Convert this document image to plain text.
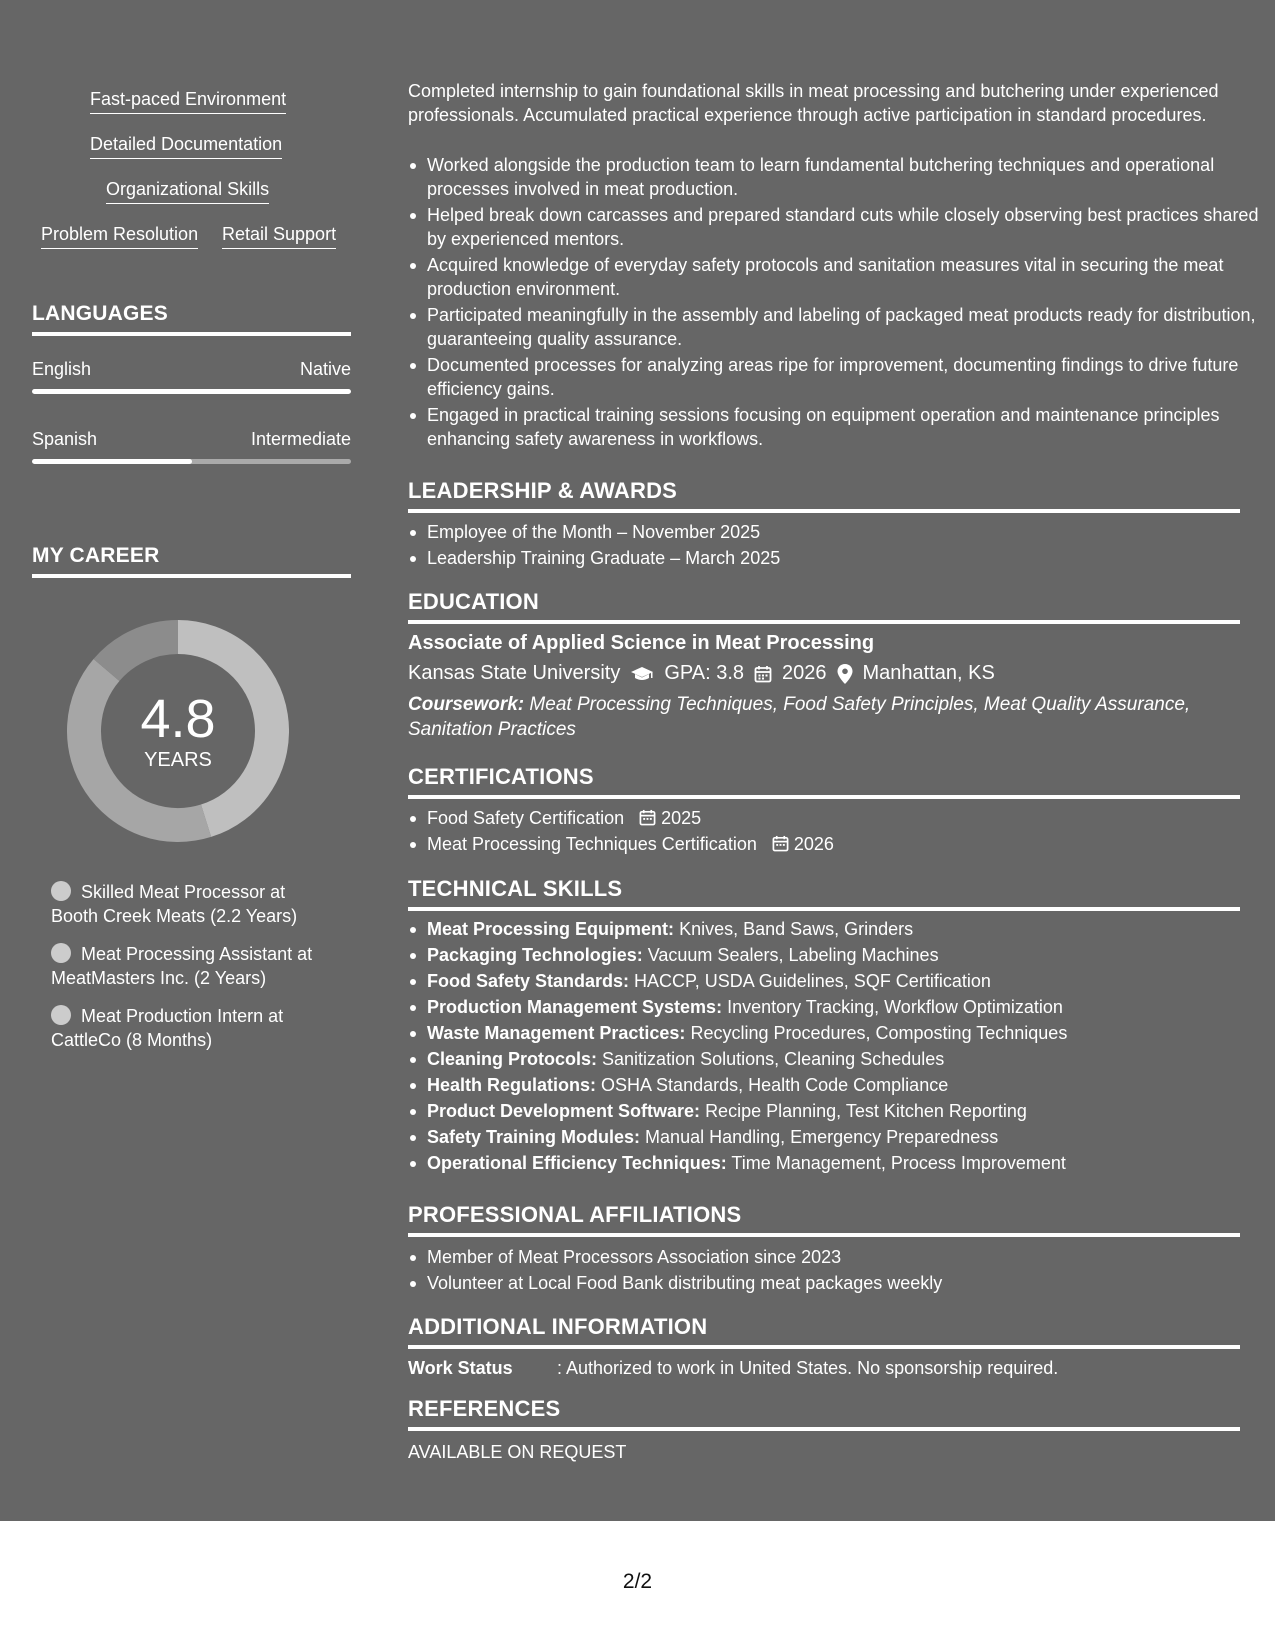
Fast-paced Environment
Detailed Documentation
Organizational Skills
Problem Resolution Retail Support
LANGUAGES
English	Native
Spanish	Intermediate
MY CAREER
4.8
YEARS
Skilled Meat Processor at Booth Creek Meats (2.2 Years)
Meat Processing Assistant at MeatMasters Inc. (2 Years)
Meat Production Intern at CattleCo (8 Months)
Completed internship to gain foundational skills in meat processing and butchering under experienced professionals. Accumulated practical experience through active participation in standard procedures.
Worked alongside the production team to learn fundamental butchering techniques and operational processes involved in meat production.
Helped break down carcasses and prepared standard cuts while closely observing best practices shared by experienced mentors.
Acquired knowledge of everyday safety protocols and sanitation measures vital in securing the meat production environment.
Participated meaningfully in the assembly and labeling of packaged meat products ready for distribution, guaranteeing quality assurance.
Documented processes for analyzing areas ripe for improvement, documenting findings to drive future efficiency gains.
Engaged in practical training sessions focusing on equipment operation and maintenance principles enhancing safety awareness in workflows.
LEADERSHIP & AWARDS
Employee of the Month – November 2025
Leadership Training Graduate – March 2025
EDUCATION
Associate of Applied Science in Meat Processing
Kansas State University GPA: 3.8 2026 Manhattan, KS
Coursework: Meat Processing Techniques, Food Safety Principles, Meat Quality Assurance, Sanitation Practices
CERTIFICATIONS
Food Safety Certification 2025
Meat Processing Techniques Certification 2026
TECHNICAL SKILLS
Meat Processing Equipment: Knives, Band Saws, Grinders
Packaging Technologies: Vacuum Sealers, Labeling Machines
Food Safety Standards: HACCP, USDA Guidelines, SQF Certification
Production Management Systems: Inventory Tracking, Workflow Optimization
Waste Management Practices: Recycling Procedures, Composting Techniques
Cleaning Protocols: Sanitization Solutions, Cleaning Schedules
Health Regulations: OSHA Standards, Health Code Compliance
Product Development Software: Recipe Planning, Test Kitchen Reporting
Safety Training Modules: Manual Handling, Emergency Preparedness
Operational Efficiency Techniques: Time Management, Process Improvement
PROFESSIONAL AFFILIATIONS
Member of Meat Processors Association since 2023
Volunteer at Local Food Bank distributing meat packages weekly
ADDITIONAL INFORMATION
Work Status : Authorized to work in United States. No sponsorship required.
REFERENCES
AVAILABLE ON REQUEST
2/2
